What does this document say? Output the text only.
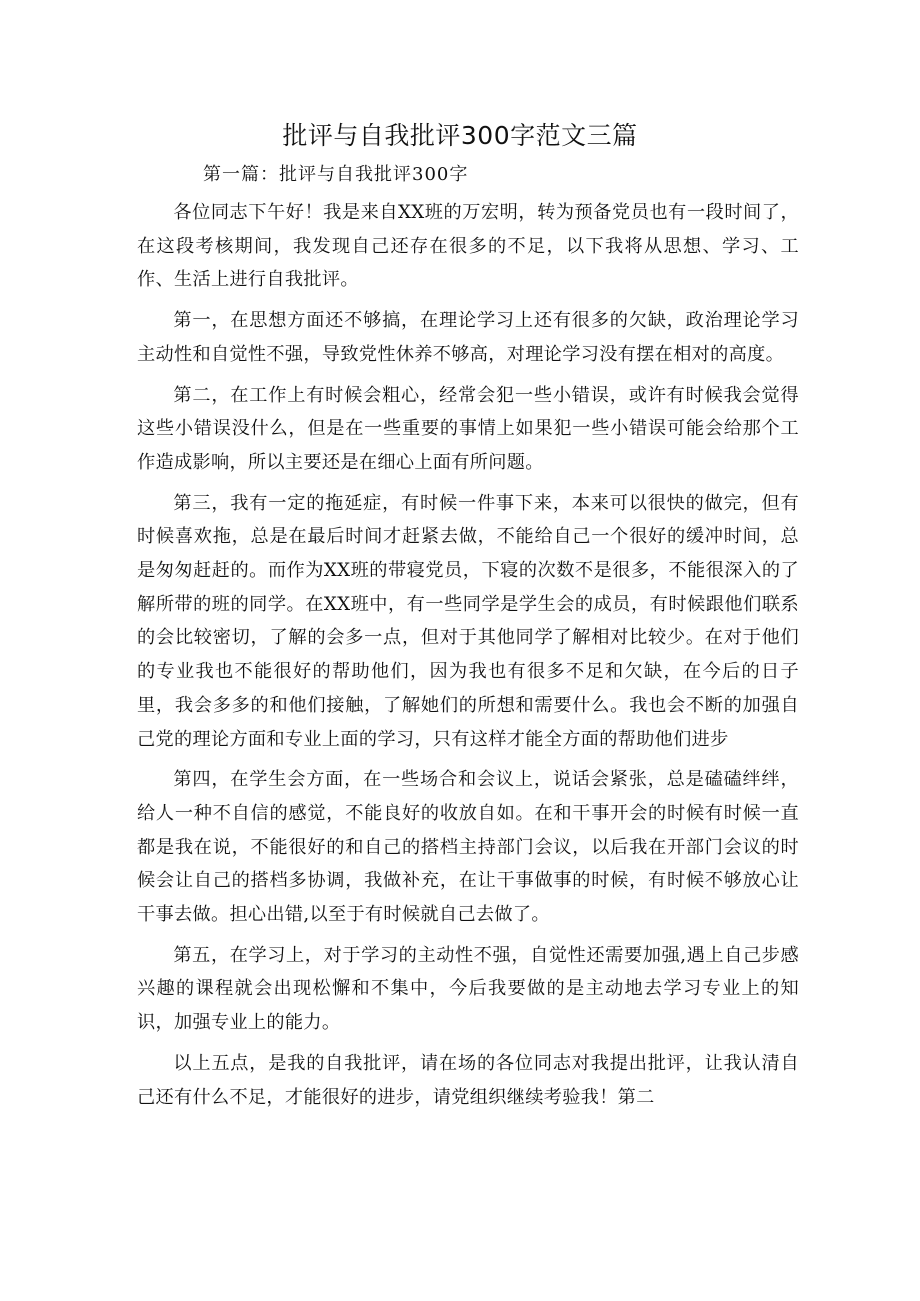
批评与自我批评300字范文三篇
第一篇：批评与自我批评300字

各位同志下午好！我是来自XX班的万宏明，转为预备党员也有一段时间了，在这段考核期间，我发现自己还存在很多的不足，以下我将从思想、学习、工作、生活上进行自我批评。

第一，在思想方面还不够搞，在理论学习上还有很多的欠缺，政治理论学习主动性和自觉性不强，导致党性休养不够高，对理论学习没有摆在相对的高度。

第二，在工作上有时候会粗心，经常会犯一些小错误，或许有时候我会觉得这些小错误没什么，但是在一些重要的事情上如果犯一些小错误可能会给那个工作造成影响，所以主要还是在细心上面有所问题。

第三，我有一定的拖延症，有时候一件事下来，本来可以很快的做完，但有时候喜欢拖，总是在最后时间才赶紧去做，不能给自己一个很好的缓冲时间，总是匆匆赶赶的。而作为XX班的带寝党员，下寝的次数不是很多，不能很深入的了解所带的班的同学。在XX班中，有一些同学是学生会的成员，有时候跟他们联系的会比较密切，了解的会多一点，但对于其他同学了解相对比较少。在对于他们的专业我也不能很好的帮助他们，因为我也有很多不足和欠缺，在今后的日子里，我会多多的和他们接触，了解她们的所想和需要什么。我也会不断的加强自己党的理论方面和专业上面的学习，只有这样才能全方面的帮助他们进步

第四，在学生会方面，在一些场合和会议上，说话会紧张，总是磕磕绊绊，给人一种不自信的感觉，不能良好的收放自如。在和干事开会的时候有时候一直都是我在说，不能很好的和自己的搭档主持部门会议，以后我在开部门会议的时候会让自己的搭档多协调，我做补充，在让干事做事的时候，有时候不够放心让干事去做。担心出错,以至于有时候就自己去做了。

第五，在学习上，对于学习的主动性不强，自觉性还需要加强,遇上自己步感兴趣的课程就会出现松懈和不集中，今后我要做的是主动地去学习专业上的知识，加强专业上的能力。

以上五点，是我的自我批评，请在场的各位同志对我提出批评，让我认清自己还有什么不足，才能很好的进步，请党组织继续考验我！第二
